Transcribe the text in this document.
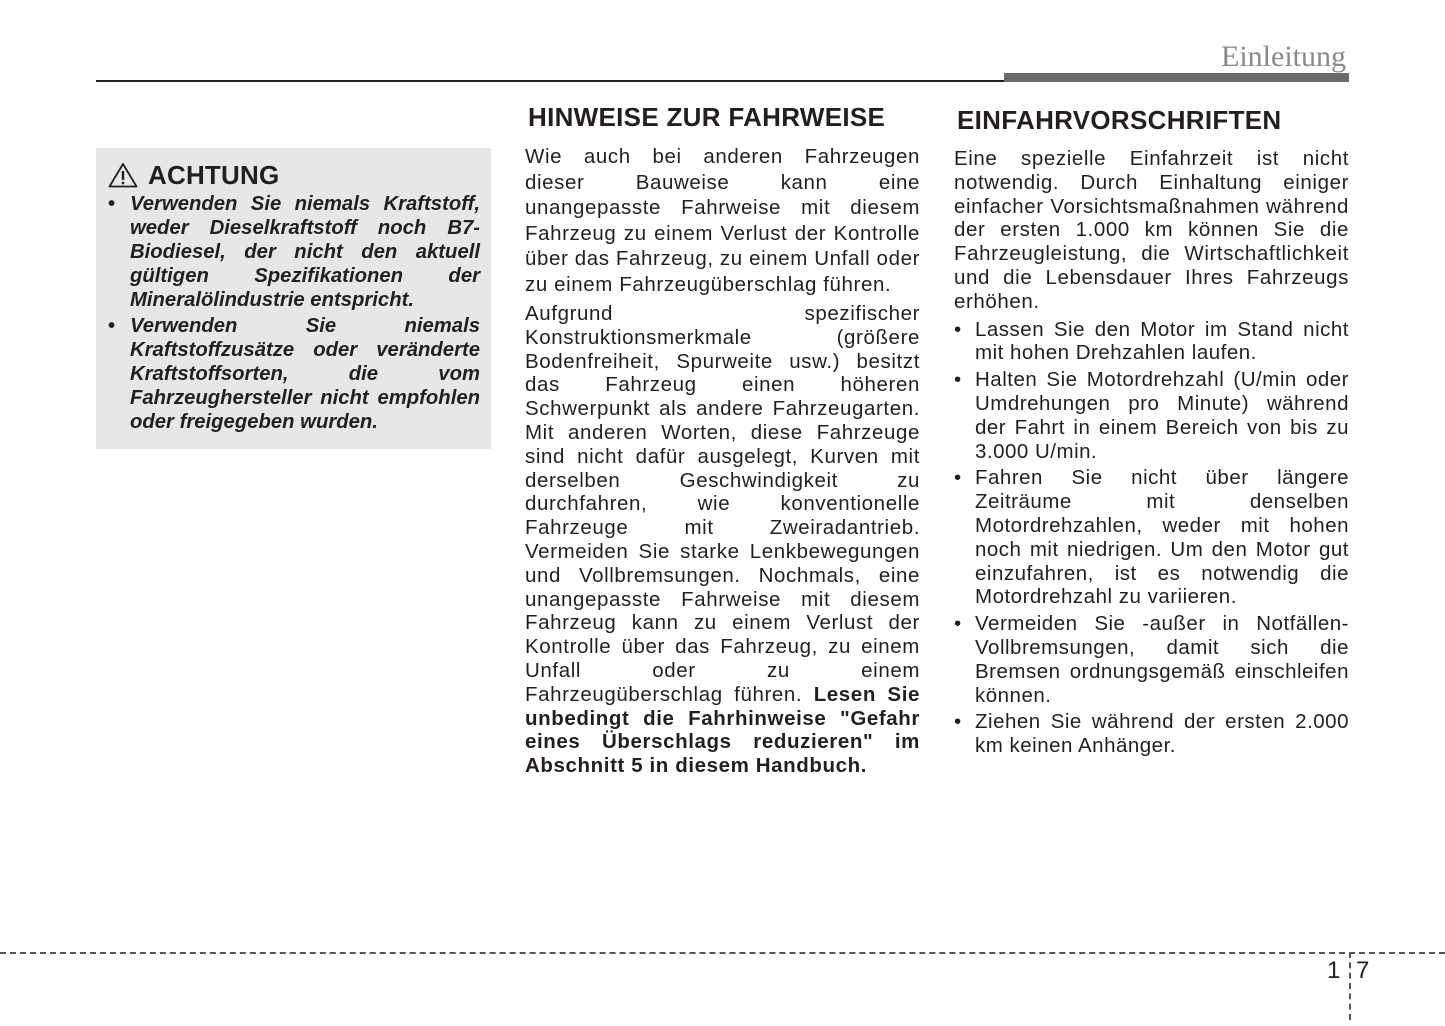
Einleitung
ACHTUNG
• Verwenden Sie niemals Kraftstoff, weder Dieselkraftstoff noch B7-Biodiesel, der nicht den aktuell gültigen Spezifikationen der Mineralölindustrie entspricht.
• Verwenden Sie niemals Kraftstoffzusätze oder veränderte Kraftstoffsorten, die vom Fahrzeughersteller nicht empfohlen oder freigegeben wurden.
HINWEISE ZUR FAHRWEISE

Wie auch bei anderen Fahrzeugen dieser Bauweise kann eine unangepasste Fahrweise mit diesem Fahrzeug zu einem Verlust der Kontrolle über das Fahrzeug, zu einem Unfall oder zu einem Fahrzeugüberschlag führen.

Aufgrund spezifischer Konstruktionsmerkmale (größere Bodenfreiheit, Spurweite usw.) besitzt das Fahrzeug einen höheren Schwerpunkt als andere Fahrzeugarten. Mit anderen Worten, diese Fahrzeuge sind nicht dafür ausgelegt, Kurven mit derselben Geschwindigkeit zu durchfahren, wie konventionelle Fahrzeuge mit Zweiradantrieb. Vermeiden Sie starke Lenkbewegungen und Vollbremsungen. Nochmals, eine unangepasste Fahrweise mit diesem Fahrzeug kann zu einem Verlust der Kontrolle über das Fahrzeug, zu einem Unfall oder zu einem Fahrzeugüberschlag führen. Lesen Sie unbedingt die Fahrhinweise "Gefahr eines Überschlags reduzieren" im Abschnitt 5 in diesem Handbuch.

EINFAHRVORSCHRIFTEN

Eine spezielle Einfahrzeit ist nicht notwendig. Durch Einhaltung einiger einfacher Vorsichtsmaßnahmen während der ersten 1.000 km können Sie die Fahrzeugleistung, die Wirtschaftlichkeit und die Lebensdauer Ihres Fahrzeugs erhöhen.

• Lassen Sie den Motor im Stand nicht mit hohen Drehzahlen laufen.
• Halten Sie Motordrehzahl (U/min oder Umdrehungen pro Minute) während der Fahrt in einem Bereich von bis zu 3.000 U/min.
• Fahren Sie nicht über längere Zeiträume mit denselben Motordrehzahlen, weder mit hohen noch mit niedrigen. Um den Motor gut einzufahren, ist es notwendig die Motordrehzahl zu variieren.
• Vermeiden Sie -außer in Notfällen- Vollbremsungen, damit sich die Bremsen ordnungsgemäß einschleifen können.
• Ziehen Sie während der ersten 2.000 km keinen Anhänger.
1 7
